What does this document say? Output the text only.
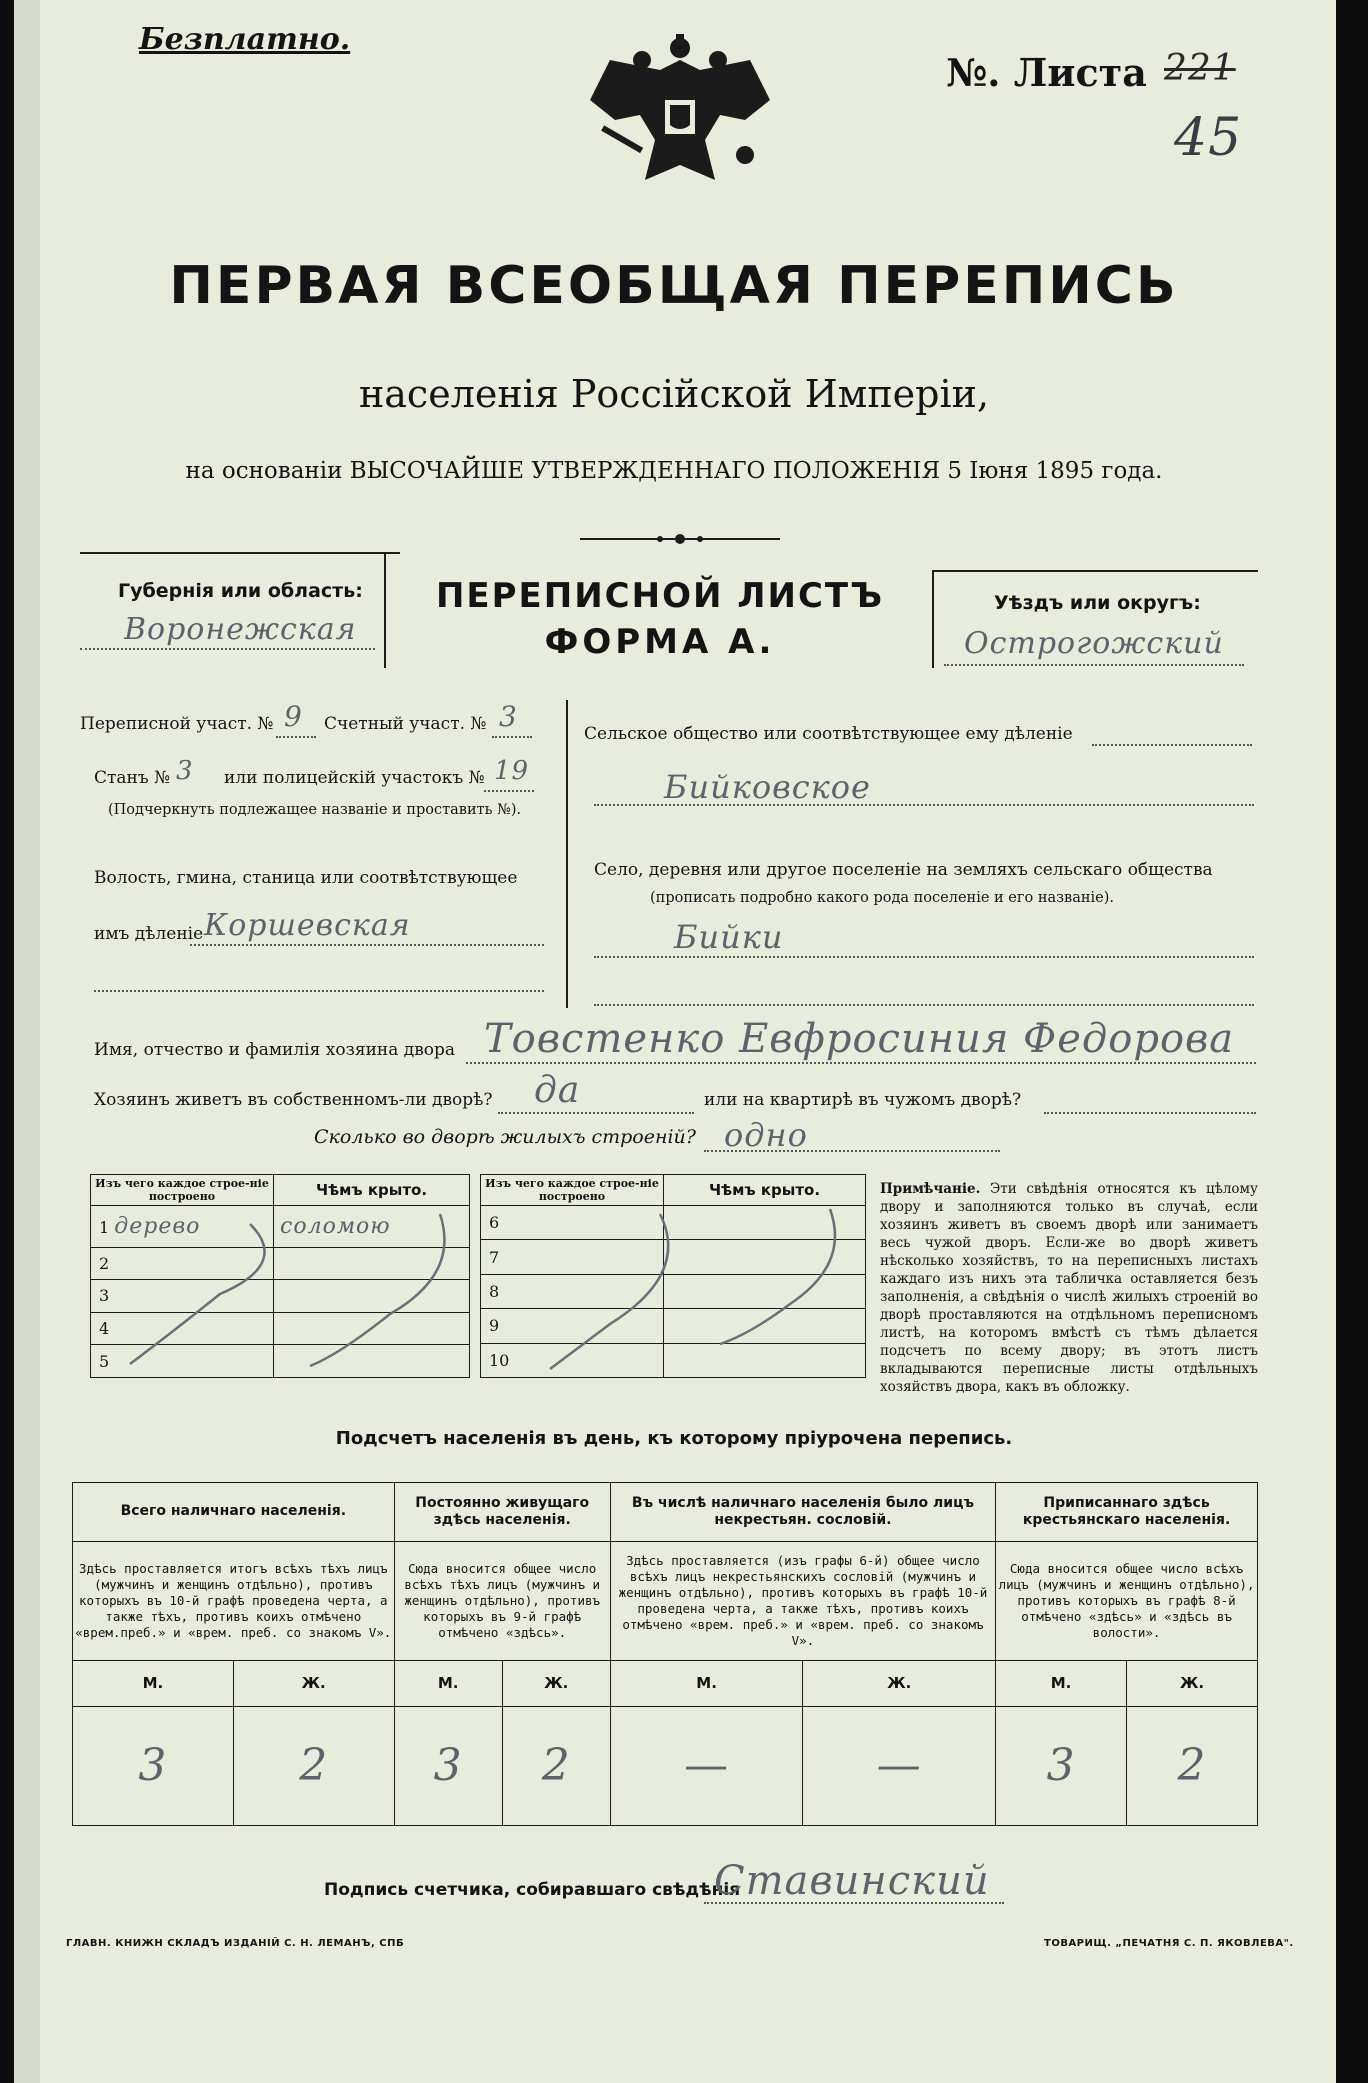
Безплатно.
№. Листа 221
45
ПЕРВАЯ ВСЕОБЩАЯ ПЕРЕПИСЬ
населенія Россійской Имперіи,
на основаніи ВЫСОЧАЙШЕ УТВЕРЖДЕННАГО ПОЛОЖЕНІЯ 5 Іюня 1895 года.
Губернія или область:
Воронежская
ПЕРЕПИСНОЙ ЛИСТЪ
ФОРМА А.
Уѣздъ или округъ:
Острогожский
Переписной участ. № 9 Счетный участ. № 3
Станъ № 3 или полицейскій участокъ № 19
(Подчеркнуть подлежащее названіе и проставить №).
Волость, гмина, станица или соотвѣтствующее
имъ дѣленіе Коршевская
Сельское общество или соотвѣтствующее ему дѣленіе
Бийковское
Село, деревня или другое поселеніе на земляхъ сельскаго общества
(прописать подробно какого рода поселеніе и его названіе).
Бийки
Имя, отчество и фамилія хозяина двора Товстенко Евфросиния Федорова
Хозяинъ живетъ въ собственномъ-ли дворѣ? да	или на квартирѣ въ чужомъ дворѣ?
Сколько во дворѣ жилыхъ строеній? одно
Изъ чего каждое строе-ніе построено	Чѣмъ крыто.
1 дерево	соломою
2	
3	
4	
5	
Изъ чего каждое строе-ніе построено	Чѣмъ крыто.
6	
7	
8	
9	
10	
Примѣчаніе. Эти свѣдѣнія относятся къ цѣлому двору и заполняются только въ случаѣ, если хозяинъ живетъ въ своемъ дворѣ или занимаетъ весь чужой дворъ. Если-же во дворѣ живетъ нѣсколько хозяйствъ, то на переписныхъ листахъ каждаго изъ нихъ эта табличка оставляется безъ заполненія, а свѣдѣнія о числѣ жилыхъ строеній во дворѣ проставляются на отдѣльномъ переписномъ листѣ, на которомъ вмѣстѣ съ тѣмъ дѣлается подсчетъ по всему двору; въ этотъ листъ вкладываются переписные листы отдѣльныхъ хозяйствъ двора, какъ въ обложку.
Подсчетъ населенія въ день, къ которому пріурочена перепись.
Всего наличнаго населенія.		Постоянно живущаго здѣсь населенія.		Въ числѣ наличнаго населенія было лицъ некрестьян. сословій.		Приписаннаго здѣсь крестьянскаго населенія.	
Здѣсь проставляется итогъ всѣхъ тѣхъ лицъ (мужчинъ и женщинъ отдѣльно), противъ которыхъ въ 10-й графѣ проведена черта, а также тѣхъ, противъ коихъ отмѣчено «врем.преб.» и «врем. преб. со знакомъ V».		Сюда вносится общее число всѣхъ тѣхъ лицъ (мужчинъ и женщинъ отдѣльно), противъ которыхъ въ 9-й графѣ отмѣчено «здѣсь».		Здѣсь проставляется (изъ графы 6-й) общее число всѣхъ лицъ некрестьянскихъ сословій (мужчинъ и женщинъ отдѣльно), противъ которыхъ въ графѣ 10-й проведена черта, а также тѣхъ, противъ коихъ отмѣчено «врем. преб.» и «врем. преб. со знакомъ V».		Сюда вносится общее число всѣхъ лицъ (мужчинъ и женщинъ отдѣльно), противъ которыхъ въ графѣ 8-й отмѣчено «здѣсь» и «здѣсь въ волости».	
М.	Ж.	М.	Ж.	М.	Ж.	М.	Ж.
3	2	3	2	—	—	3	2
Подпись счетчика, собиравшаго свѣдѣнія
Ставинский
ГЛАВН. КНИЖН СКЛАДЪ ИЗДАНІЙ С. Н. ЛЕМАНЪ, СПБ	ТОВАРИЩ. „ПЕЧАТНЯ С. П. ЯКОВЛЕВА".
